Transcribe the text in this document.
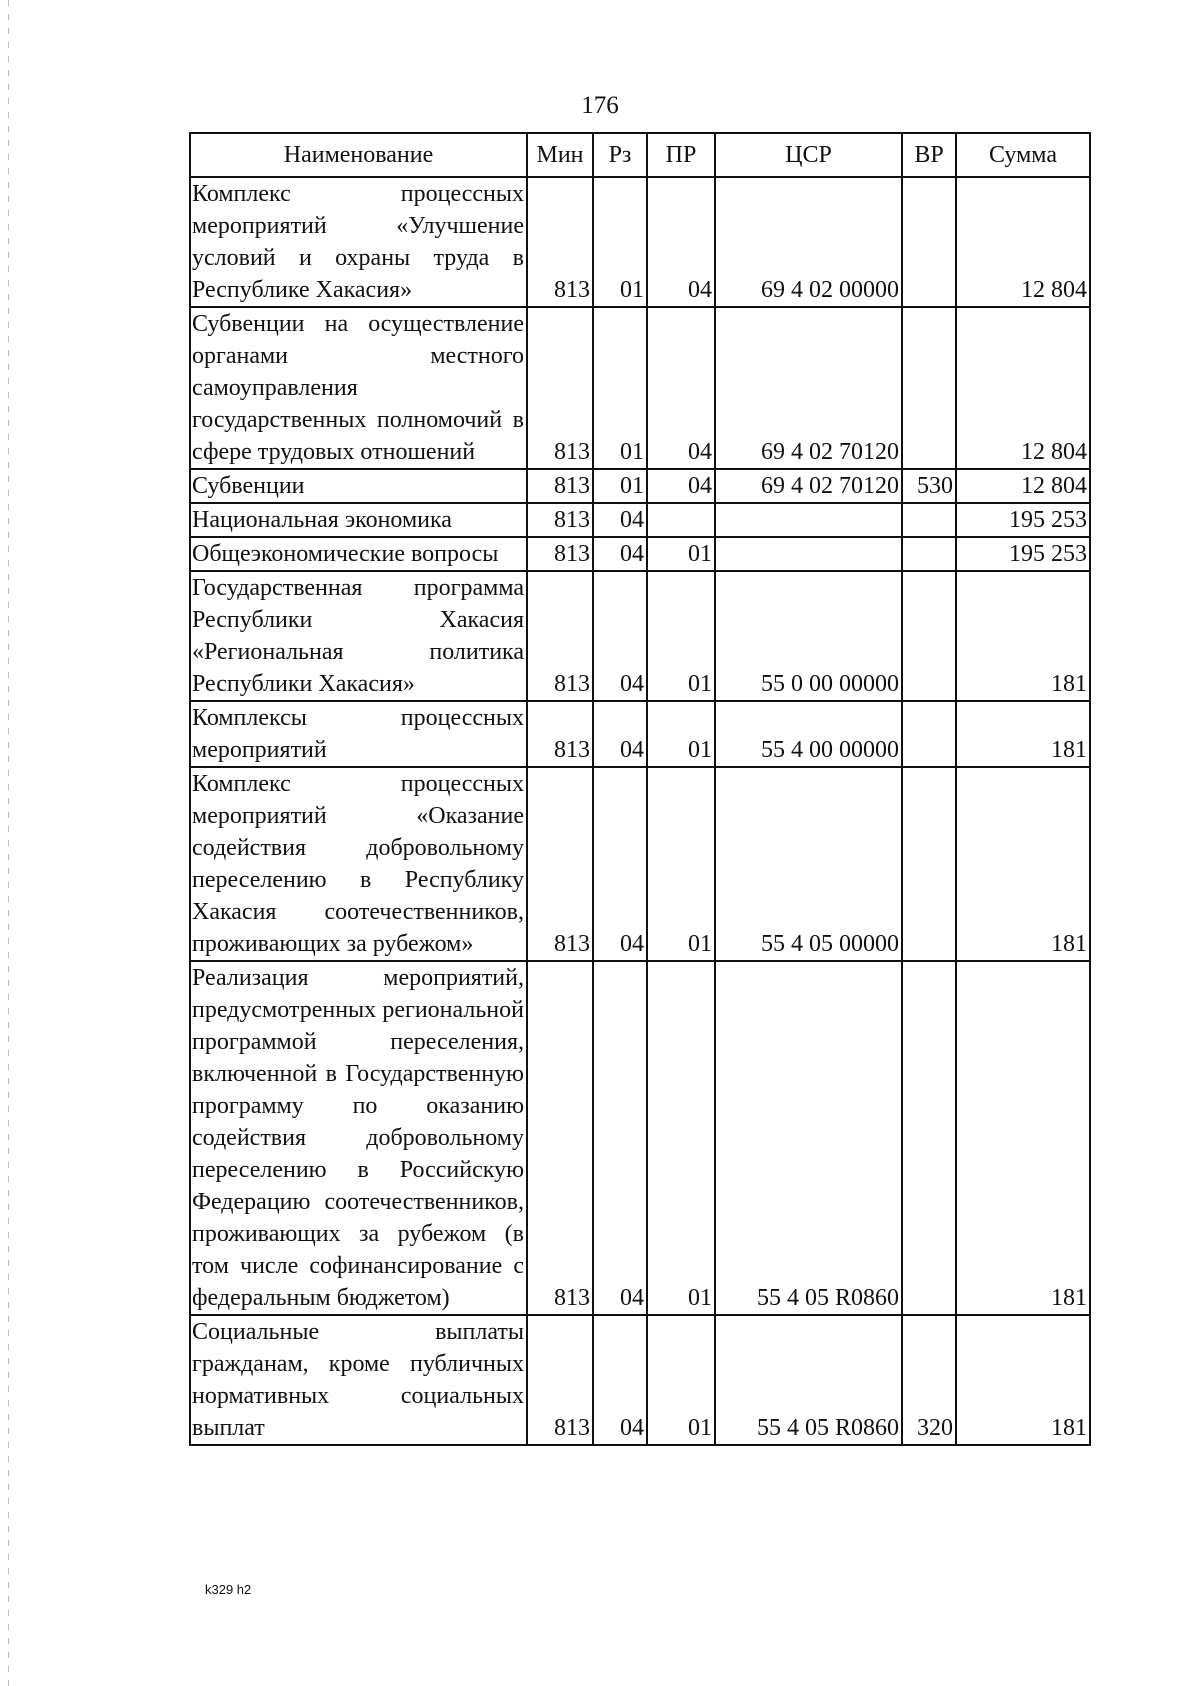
176
Наименование	Мин	Рз	ПР	ЦСР	ВР	Сумма
Комплекс процессных мероприятий «Улучшение условий и охраны труда в Республике Хакасия»	813	01	04	69 4 02 00000		12 804
Субвенции на осуществление органами местного самоуправления государственных полномочий в сфере трудовых отношений	813	01	04	69 4 02 70120		12 804
Субвенции	813	01	04	69 4 02 70120	530	12 804
Национальная экономика	813	04				195 253
Общеэкономические вопросы	813	04	01			195 253
Государственная программа Республики Хакасия «Региональная политика Республики Хакасия»	813	04	01	55 0 00 00000		181
Комплексы процессных мероприятий	813	04	01	55 4 00 00000		181
Комплекс процессных мероприятий «Оказание содействия добровольному переселению в Республику Хакасия соотечественников, проживающих за рубежом»	813	04	01	55 4 05 00000		181
Реализация мероприятий, предусмотренных региональной программой переселения, включенной в Государственную программу по оказанию содействия добровольному переселению в Российскую Федерацию соотечественников, проживающих за рубежом (в том числе софинансирование с федеральным бюджетом)	813	04	01	55 4 05 R0860		181
Социальные выплаты гражданам, кроме публичных нормативных социальных выплат	813	04	01	55 4 05 R0860	320	181
k329 h2
